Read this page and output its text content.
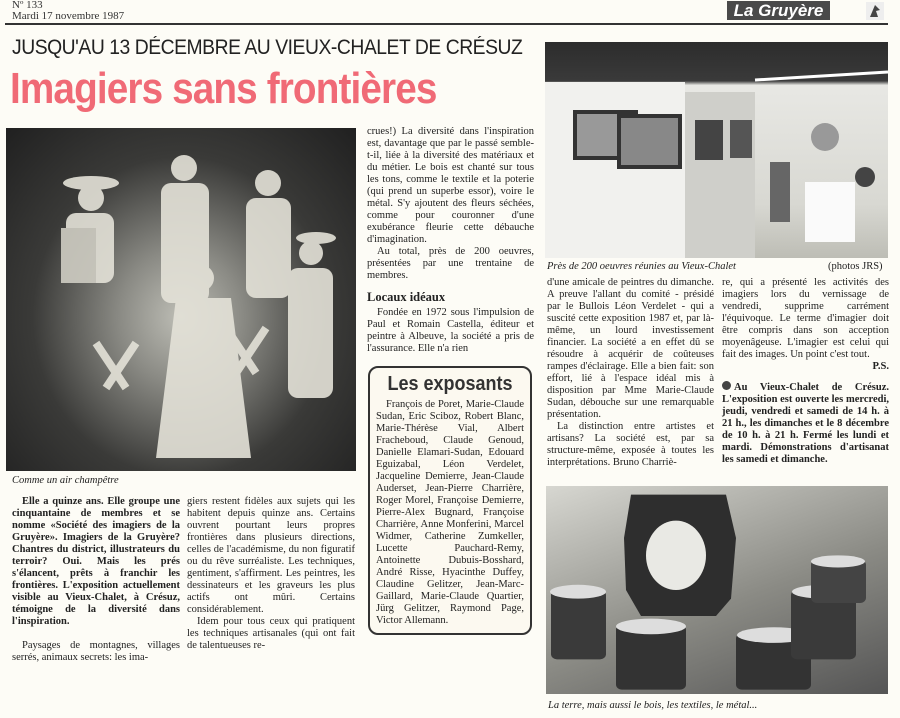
Nº 133
Mardi 17 novembre 1987	La Gruyère
JUSQU'AU 13 DÉCEMBRE AU VIEUX-CHALET DE CRÉSUZ
Imagiers sans frontières
Comme un air champêtre

Elle a quinze ans. Elle groupe une cinquantaine de membres et se nomme «Société des imagiers de la Gruyère». Imagiers de la Gruyère? Chantres du district, illustrateurs du terroir? Oui. Mais les prés s'élancent, prêts à franchir les frontières. L'exposition actuellement visible au Vieux-Chalet, à Crésuz, témoigne de la diversité dans l'inspiration.

Paysages de montagnes, villages serrés, animaux secrets: les ima-

giers restent fidèles aux sujets qui les habitent depuis quinze ans. Certains ouvrent pourtant leurs propres frontières dans plusieurs directions, celles de l'académisme, du non figuratif ou du rêve surréaliste. Les techniques, gentiment, s'affirment. Les peintres, les dessinateurs et les graveurs les plus actifs ont mûri. Certains considérablement.

Idem pour tous ceux qui pratiquent les techniques artisanales (qui ont fait de talentueuses re-

crues!) La diversité dans l'inspiration est, davantage que par le passé semble-t-il, liée à la diversité des matériaux et du métier. Le bois est chanté sur tous les tons, comme le textile et la poterie (qui prend un superbe essor), voire le métal. S'y ajoutent des fleurs séchées, comme pour couronner d'une exubérance fleurie cette débauche d'imagination.

Au total, près de 200 oeuvres, présentées par une trentaine de membres.

Locaux idéaux

Fondée en 1972 sous l'impulsion de Paul et Romain Castella, éditeur et peintre à Albeuve, la société a pris de l'assurance. Elle n'a rien

Les exposants
François de Poret, Marie-Claude Sudan, Eric Sciboz, Robert Blanc, Marie-Thérèse Vial, Albert Fracheboud, Claude Genoud, Danielle Elamari-Sudan, Edouard Eguizabal, Léon Verdelet, Jacqueline Demierre, Jean-Claude Auderset, Jean-Pierre Charrière, Roger Morel, Françoise Demierre, Pierre-Alex Bugnard, Françoise Charrière, Anne Monferini, Marcel Widmer, Catherine Zumkeller, Lucette Pauchard-Remy, Antoinette Dubuis-Bosshard, André Risse, Hyacinthe Duffey, Claudine Gelitzer, Jean-Marc-Gaillard, Marie-Claude Quartier, Jürg Gelitzer, Raymond Page, Victor Allemann.
Près de 200 oeuvres réunies au Vieux-Chalet	(photos JRS)

d'une amicale de peintres du dimanche. A preuve l'allant du comité - présidé par le Bullois Léon Verdelet - qui a suscité cette exposition 1987 et, par là-même, un lourd investissement financier. La société a en effet dû se résoudre à acquérir de coûteuses rampes d'éclairage. Elle a bien fait: son effort, lié à l'espace idéal mis à disposition par Mme Marie-Claude Sudan, débouche sur une remarquable présentation.

La distinction entre artistes et artisans? La société est, par sa structure-même, exposée à toutes les interprétations. Bruno Charriè-

re, qui a présenté les activités des imagiers lors du vernissage de vendredi, supprime carrément l'équivoque. Le terme d'imagier doit être compris dans son acception moyenâgeuse. L'imagier est celui qui fait des images. Un point c'est tout.

P.S.
Au Vieux-Chalet de Crésuz. L'exposition est ouverte les mercredi, jeudi, vendredi et samedi de 14 h. à 21 h., les dimanches et le 8 décembre de 10 h. à 21 h. Fermé les lundi et mardi. Démonstrations d'artisanat les samedi et dimanche.
La terre, mais aussi le bois, les textiles, le métal...
